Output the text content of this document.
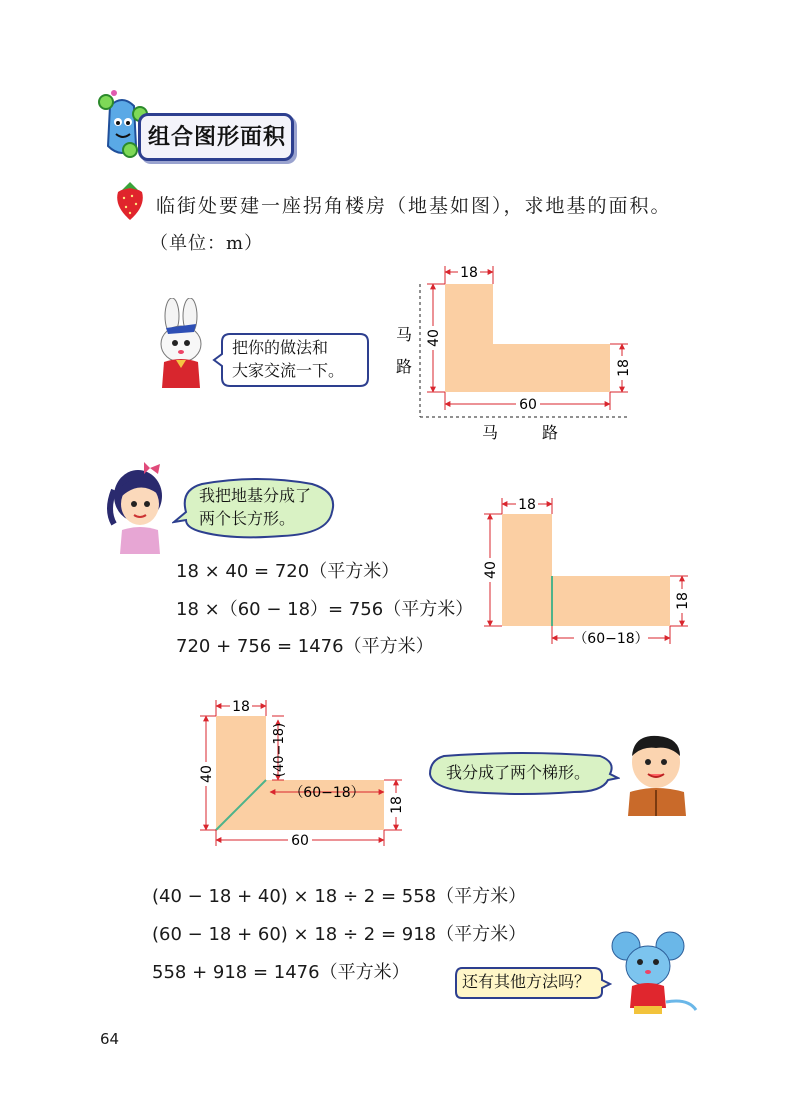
组合图形面积
临街处要建一座拐角楼房（地基如图），求地基的面积。
（单位：m）
18
40
18
60
马
路
马	路
把你的做法和
大家交流一下。
我把地基分成了
两个长方形。
18 × 40 = 720（平方米）
18 ×（60 − 18）= 756（平方米）
720 + 756 = 1476（平方米）
18
40
18
（60−18）
18
40	(40−18)
（60−18）
18
60
我分成了两个梯形。
(40 − 18 + 40) × 18 ÷ 2 = 558（平方米）
(60 − 18 + 60) × 18 ÷ 2 = 918（平方米）
558 + 918 = 1476（平方米）	还有其他方法吗？
64
